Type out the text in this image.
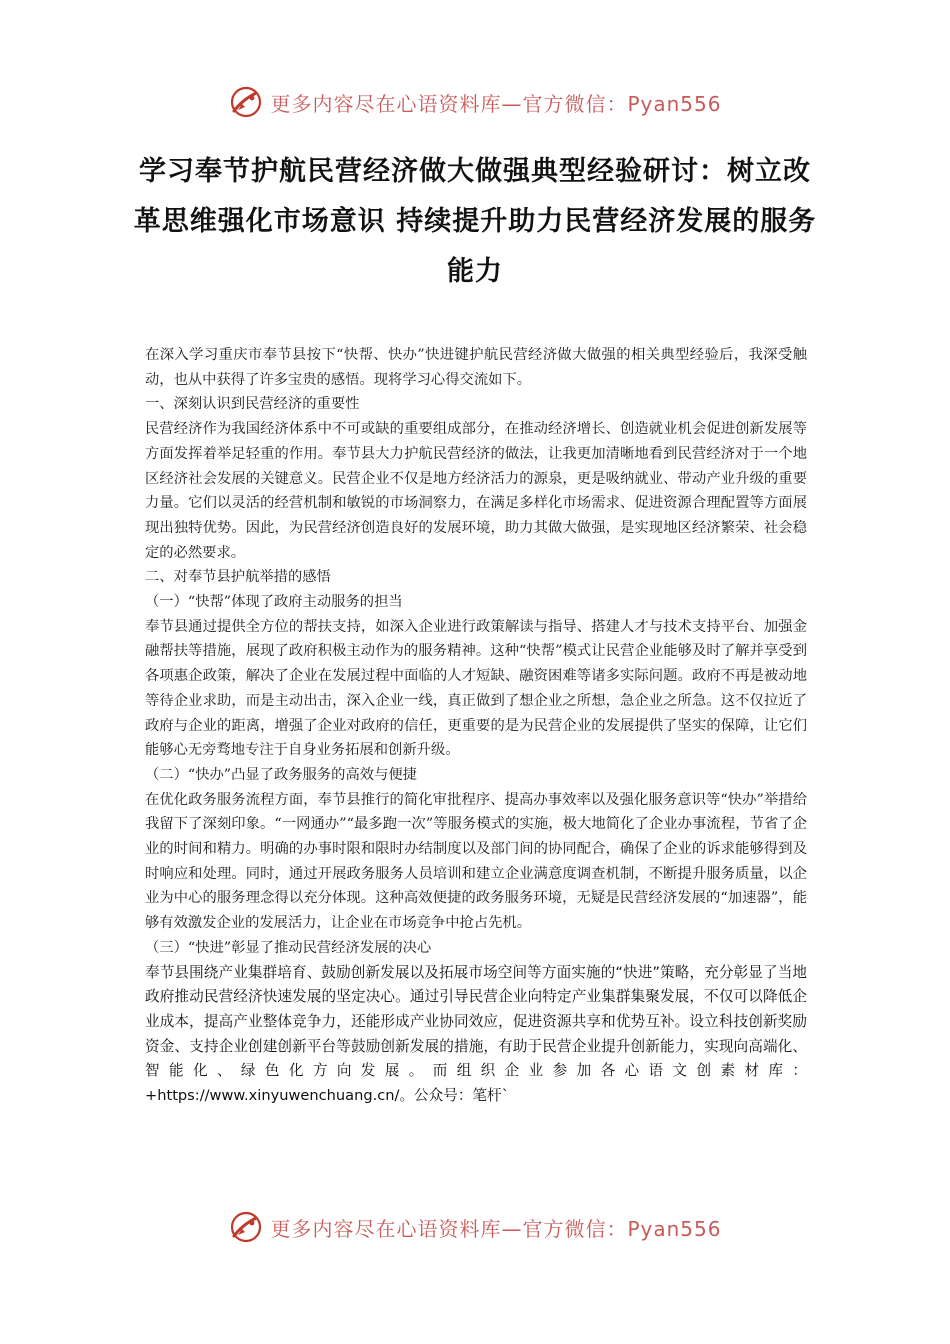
更多内容尽在心语资料库—官方微信：Pyan556
学习奉节护航民营经济做大做强典型经验研讨：树立改革思维强化市场意识 持续提升助力民营经济发展的服务能力

在深入学习重庆市奉节县按下“快帮、快办”快进键护航民营经济做大做强的相关典型经验后，我深受触动，也从中获得了许多宝贵的感悟。现将学习心得交流如下。

一、深刻认识到民营经济的重要性

民营经济作为我国经济体系中不可或缺的重要组成部分，在推动经济增长、创造就业机会促进创新发展等方面发挥着举足轻重的作用。奉节县大力护航民营经济的做法，让我更加清晰地看到民营经济对于一个地区经济社会发展的关键意义。民营企业不仅是地方经济活力的源泉，更是吸纳就业、带动产业升级的重要力量。它们以灵活的经营机制和敏锐的市场洞察力，在满足多样化市场需求、促进资源合理配置等方面展现出独特优势。因此，为民营经济创造良好的发展环境，助力其做大做强，是实现地区经济繁荣、社会稳定的必然要求。

二、对奉节县护航举措的感悟

（一）“快帮”体现了政府主动服务的担当

奉节县通过提供全方位的帮扶支持，如深入企业进行政策解读与指导、搭建人才与技术支持平台、加强金融帮扶等措施，展现了政府积极主动作为的服务精神。这种“快帮”模式让民营企业能够及时了解并享受到各项惠企政策，解决了企业在发展过程中面临的人才短缺、融资困难等诸多实际问题。政府不再是被动地等待企业求助，而是主动出击，深入企业一线，真正做到了想企业之所想，急企业之所急。这不仅拉近了政府与企业的距离，增强了企业对政府的信任，更重要的是为民营企业的发展提供了坚实的保障，让它们能够心无旁骛地专注于自身业务拓展和创新升级。

（二）“快办”凸显了政务服务的高效与便捷

在优化政务服务流程方面，奉节县推行的简化审批程序、提高办事效率以及强化服务意识等“快办”举措给我留下了深刻印象。“一网通办”“最多跑一次”等服务模式的实施，极大地简化了企业办事流程，节省了企业的时间和精力。明确的办事时限和限时办结制度以及部门间的协同配合，确保了企业的诉求能够得到及时响应和处理。同时，通过开展政务服务人员培训和建立企业满意度调查机制，不断提升服务质量，以企业为中心的服务理念得以充分体现。这种高效便捷的政务服务环境，无疑是民营经济发展的“加速器”，能够有效激发企业的发展活力，让企业在市场竞争中抢占先机。

（三）“快进”彰显了推动民营经济发展的决心

奉节县围绕产业集群培育、鼓励创新发展以及拓展市场空间等方面实施的“快进”策略，充分彰显了当地政府推动民营经济快速发展的坚定决心。通过引导民营企业向特定产业集群集聚发展，不仅可以降低企业成本，提高产业整体竞争力，还能形成产业协同效应，促进资源共享和优势互补。设立科技创新奖励资金、支持企业创建创新平台等鼓励创新发展的措施，有助于民营企业提升创新能力，实现向高端化、智能化、绿色化方向发展。而组织企业参加各心语文创素材库：+https://www.xinyuwenchuang.cn/。公众号：笔杆`

更多内容尽在心语资料库—官方微信：Pyan556
